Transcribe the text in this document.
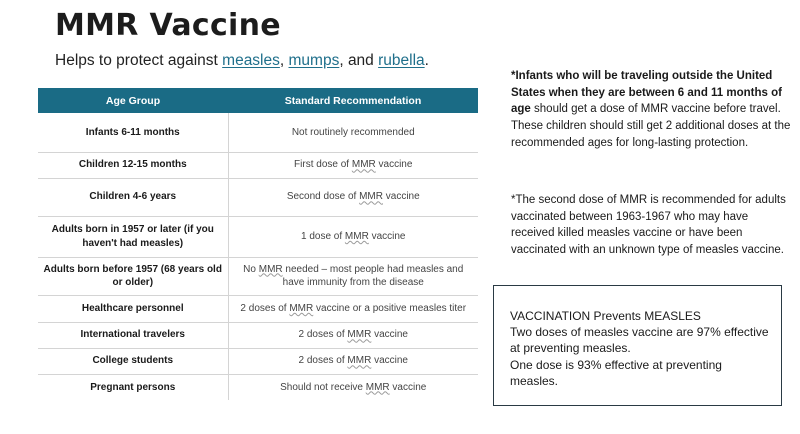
MMR Vaccine
Helps to protect against measles, mumps, and rubella.
Age Group	Standard Recommendation
Infants 6-11 months	Not routinely recommended
Children 12-15 months	First dose of MMR vaccine
Children 4-6 years	Second dose of MMR vaccine
Adults born in 1957 or later (if you haven't had measles)	1 dose of MMR vaccine
Adults born before 1957 (68 years old or older)	No MMR needed – most people had measles and have immunity from the disease
Healthcare personnel	2 doses of MMR vaccine or a positive measles titer
International travelers	2 doses of MMR vaccine
College students	2 doses of MMR vaccine
Pregnant persons	Should not receive MMR vaccine
*Infants who will be traveling outside the United States when they are between 6 and 11 months of age should get a dose of MMR vaccine before travel. These children should still get 2 additional doses at the recommended ages for long-lasting protection.
*The second dose of MMR is recommended for adults vaccinated between 1963-1967 who may have received killed measles vaccine or have been vaccinated with an unknown type of measles vaccine.
VACCINATION Prevents MEASLES
Two doses of measles vaccine are 97% effective at preventing measles.
One dose is 93% effective at preventing measles.
